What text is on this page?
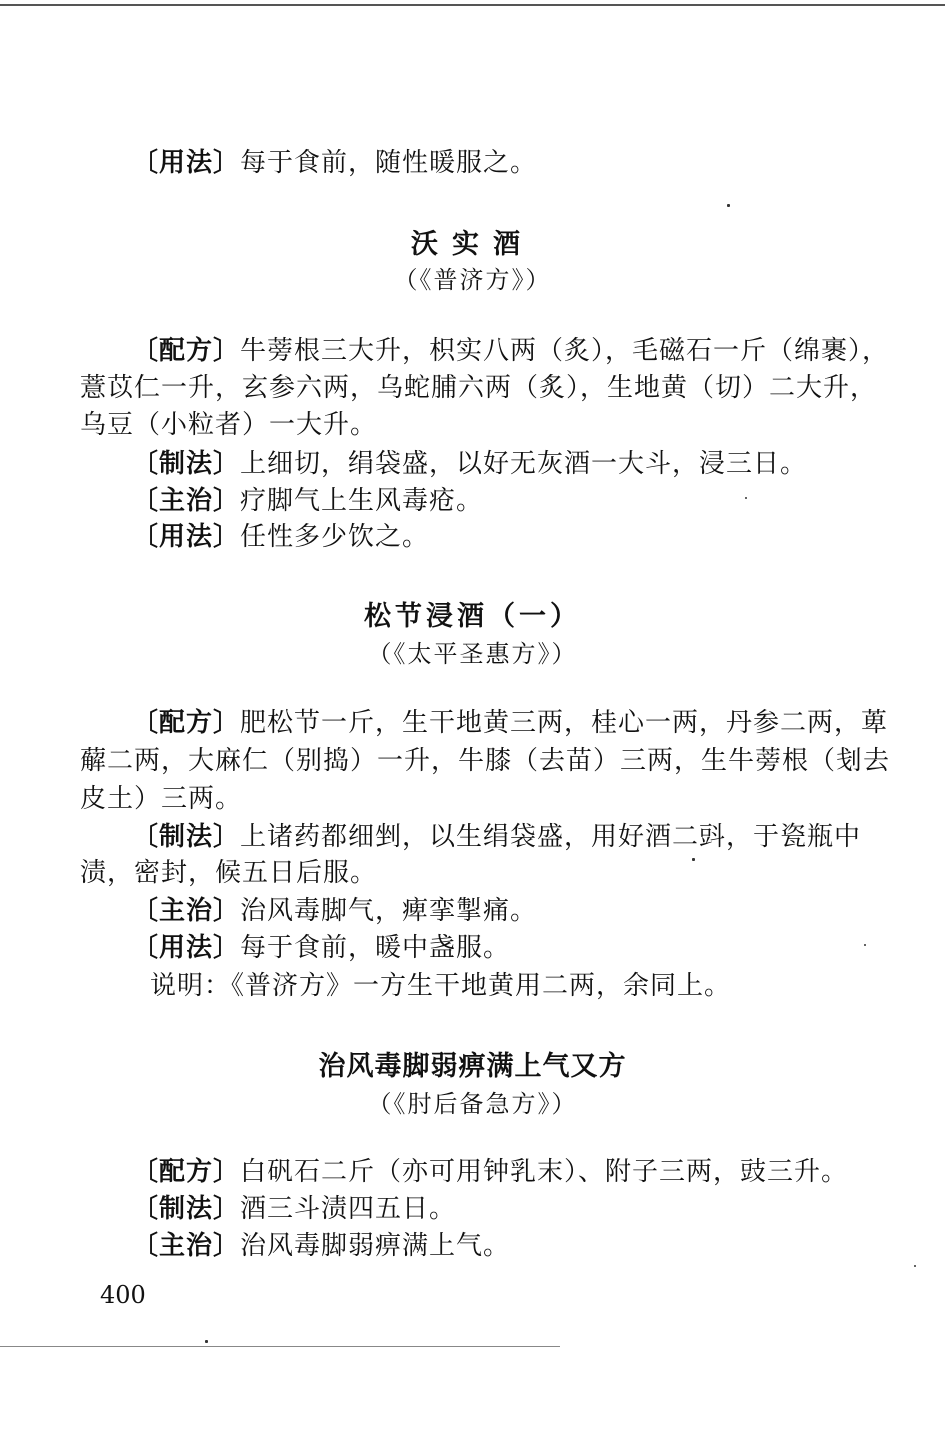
〔用法〕每于食前，随性暖服之。
沃实酒
（《普济方》）
〔配方〕牛蒡根三大升，枳实八两（炙），毛磁石一斤（绵裹），
薏苡仁一升，玄参六两，乌蛇脯六两（炙），生地黄（切）二大升，
乌豆（小粒者）一大升。
〔制法〕上细切，绢袋盛，以好无灰酒一大斗，浸三日。
〔主治〕疗脚气上生风毒疮。
〔用法〕任性多少饮之。
松节浸酒（一）
（《太平圣惠方》）
〔配方〕肥松节一斤，生干地黄三两，桂心一两，丹参二两，萆
薢二两，大麻仁（别捣）一升，牛膝（去苗）三两，生牛蒡根（刬去
皮土）三两。
〔制法〕上诸药都细剉，以生绢袋盛，用好酒二㪷，于瓷瓶中
渍，密封，候五日后服。
〔主治〕治风毒脚气，痺挛掣痛。
〔用法〕每于食前，暖中盏服。
说明：《普济方》一方生干地黄用二两，余同上。
治风毒脚弱痹满上气又方
（《肘后备急方》）
〔配方〕白矾石二斤（亦可用钟乳末）、附子三两，豉三升。
〔制法〕酒三斗渍四五日。
〔主治〕治风毒脚弱痹满上气。
400
